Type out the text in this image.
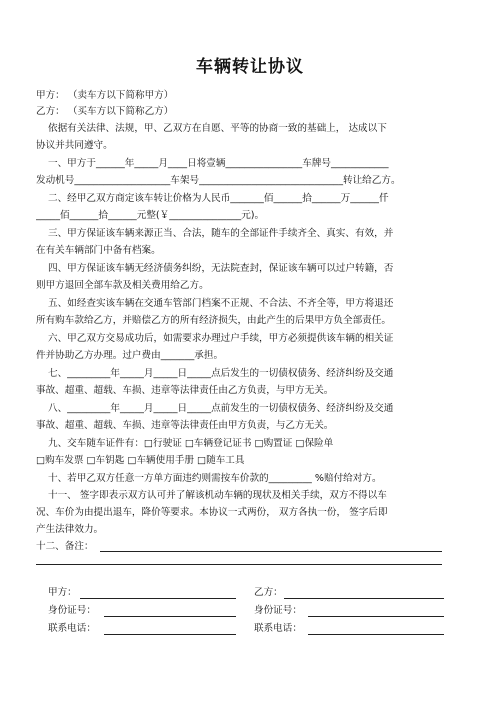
车辆转让协议
甲方： （卖车方以下简称甲方）
乙方： （买车方以下简称乙方）
依据有关法律、法规，甲、乙双方在自愿、平等的协商一致的基础上， 达成以下
协议并共同遵守。
一、甲方于______年_____月____日将壹辆________________车牌号____________
发动机号____________________车架号______________________________转让给乙方。
二、经甲乙双方商定该车转让价格为人民币_______佰______拾______万______仟
_____佰______拾______元整(￥_______________元)。
三、甲方保证该车辆来源正当、合法，随车的全部证件手续齐全、真实、有效，并
在有关车辆部门中备有档案。
四、甲方保证该车辆无经济债务纠纷，无法院查封，保证该车辆可以过户转籍，否
则甲方退回全部车款及相关费用给乙方。
五、如经查实该车辆在交通车管部门档案不正规、不合法、不齐全等，甲方将退还
所有购车款给乙方，并赔偿乙方的所有经济损失，由此产生的后果甲方负全部责任。
六、甲乙双方交易成功后，如需要求办理过户手续，甲方必须提供该车辆的相关证
件并协助乙方办理。过户费由_______承担。
七、_________年_____月_____日_____点后发生的一切债权债务、经济纠纷及交通
事故、超重、超载、车损、违章等法律责任由乙方负责，与甲方无关。
八、_________年_____月_____日_____点前发生的一切债权债务、经济纠纷及交通
事故、超重、超载、车损、违章等法律责任由甲方负责，与乙方无关。
九、交车随车证件有：□行驶证 □车辆登记证书 □购置证 □保险单
□购车发票 □车钥匙 □车辆使用手册 □随车工具
十、若甲乙双方任意一方单方面违约则需按车价款的_________ %赔付给对方。
十一、 签字即表示双方认可并了解该机动车辆的现状及相关手续，双方不得以车
况、车价为由提出退车，降价等要求。本协议一式两份， 双方各执一份， 签字后即
产生法律效力。
十二、备注：
甲方：	乙方：
身份证号：	身份证号：
联系电话：	联系电话：
